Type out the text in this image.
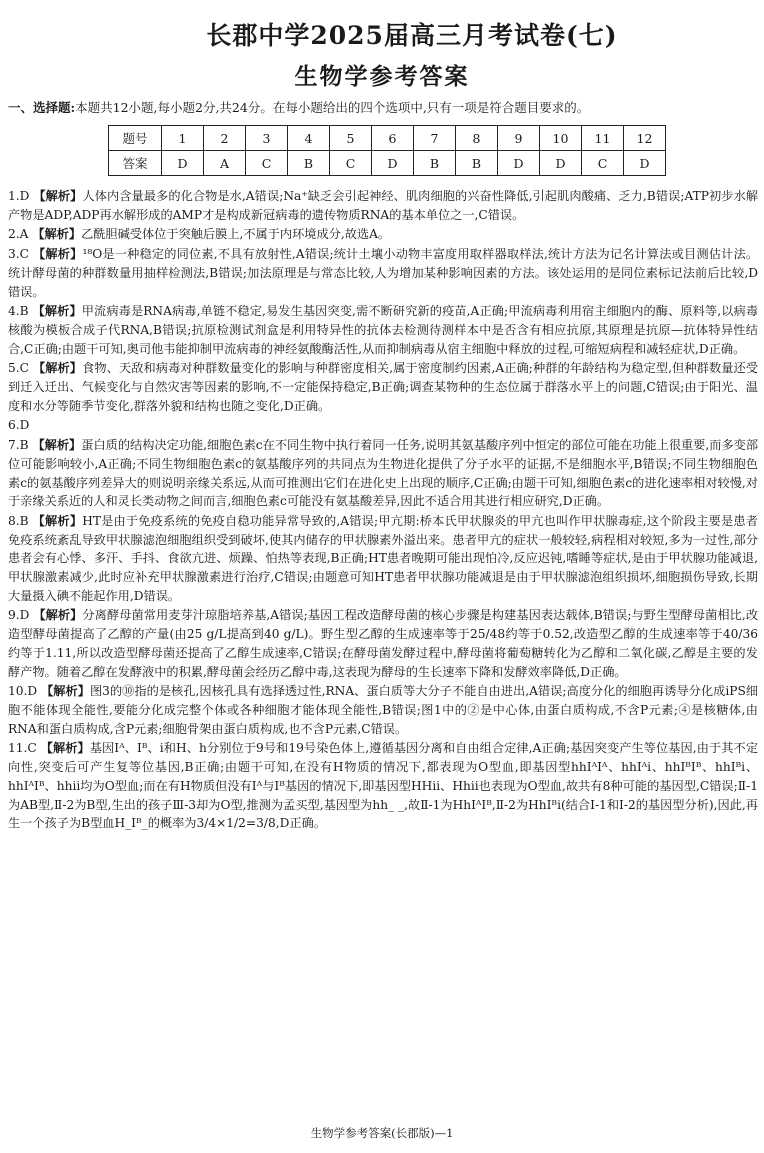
长郡中学2025届高三月考试卷(七)
生物学参考答案
一、选择题:本题共12小题,每小题2分,共24分。在每小题给出的四个选项中,只有一项是符合题目要求的。
题号	1	2	3	4	5	6	7	8	9	10	11	12
答案	D	A	C	B	C	D	B	B	D	D	C	D

1.D 【解析】人体内含量最多的化合物是水,A错误;Na⁺缺乏会引起神经、肌肉细胞的兴奋性降低,引起肌肉酸痛、乏力,B错误;ATP初步水解产物是ADP,ADP再水解形成的AMP才是构成新冠病毒的遗传物质RNA的基本单位之一,C错误。

2.A 【解析】乙酰胆碱受体位于突触后膜上,不属于内环境成分,故选A。

3.C 【解析】¹⁸O是一种稳定的同位素,不具有放射性,A错误;统计土壤小动物丰富度用取样器取样法,统计方法为记名计算法或目测估计法。统计酵母菌的种群数量用抽样检测法,B错误;加法原理是与常态比较,人为增加某种影响因素的方法。该处运用的是同位素标记法前后比较,D错误。

4.B 【解析】甲流病毒是RNA病毒,单链不稳定,易发生基因突变,需不断研究新的疫苗,A正确;甲流病毒利用宿主细胞内的酶、原料等,以病毒核酸为模板合成子代RNA,B错误;抗原检测试剂盒是利用特异性的抗体去检测待测样本中是否含有相应抗原,其原理是抗原—抗体特异性结合,C正确;由题干可知,奥司他韦能抑制甲流病毒的神经氨酸酶活性,从而抑制病毒从宿主细胞中释放的过程,可缩短病程和减轻症状,D正确。

5.C 【解析】食物、天敌和病毒对种群数量变化的影响与种群密度相关,属于密度制约因素,A正确;种群的年龄结构为稳定型,但种群数量还受到迁入迁出、气候变化与自然灾害等因素的影响,不一定能保持稳定,B正确;调查某物种的生态位属于群落水平上的问题,C错误;由于阳光、温度和水分等随季节变化,群落外貌和结构也随之变化,D正确。

6.D

7.B 【解析】蛋白质的结构决定功能,细胞色素c在不同生物中执行着同一任务,说明其氨基酸序列中恒定的部位可能在功能上很重要,而多变部位可能影响较小,A正确;不同生物细胞色素c的氨基酸序列的共同点为生物进化提供了分子水平的证据,不是细胞水平,B错误;不同生物细胞色素c的氨基酸序列差异大的则说明亲缘关系远,从而可推测出它们在进化史上出现的顺序,C正确;由题干可知,细胞色素c的进化速率相对较慢,对于亲缘关系近的人和灵长类动物之间而言,细胞色素c可能没有氨基酸差异,因此不适合用其进行相应研究,D正确。

8.B 【解析】HT是由于免疫系统的免疫自稳功能异常导致的,A错误;甲亢期:桥本氏甲状腺炎的甲亢也叫作甲状腺毒症,这个阶段主要是患者免疫系统紊乱导致甲状腺滤泡细胞组织受到破坏,使其内储存的甲状腺素外溢出来。患者甲亢的症状一般较轻,病程相对较短,多为一过性,部分患者会有心悸、多汗、手抖、食欲亢进、烦躁、怕热等表现,B正确;HT患者晚期可能出现怕冷,反应迟钝,嗜睡等症状,是由于甲状腺功能减退,甲状腺激素减少,此时应补充甲状腺激素进行治疗,C错误;由题意可知HT患者甲状腺功能减退是由于甲状腺滤泡组织损坏,细胞损伤导致,长期大量摄入碘不能起作用,D错误。

9.D 【解析】分离酵母菌常用麦芽汁琼脂培养基,A错误;基因工程改造酵母菌的核心步骤是构建基因表达载体,B错误;与野生型酵母菌相比,改造型酵母菌提高了乙醇的产量(由25 g/L提高到40 g/L)。野生型乙醇的生成速率等于25/48约等于0.52,改造型乙醇的生成速率等于40/36约等于1.11,所以改造型酵母菌还提高了乙醇生成速率,C错误;在酵母菌发酵过程中,酵母菌将葡萄糖转化为乙醇和二氧化碳,乙醇是主要的发酵产物。随着乙醇在发酵液中的积累,酵母菌会经历乙醇中毒,这表现为酵母的生长速率下降和发酵效率降低,D正确。

10.D 【解析】图3的⑩指的是核孔,因核孔具有选择透过性,RNA、蛋白质等大分子不能自由进出,A错误;高度分化的细胞再诱导分化成iPS细胞不能体现全能性,要能分化成完整个体或各种细胞才能体现全能性,B错误;图1中的②是中心体,由蛋白质构成,不含P元素;④是核糖体,由RNA和蛋白质构成,含P元素;细胞骨架由蛋白质构成,也不含P元素,C错误。

11.C 【解析】基因Iᴬ、Iᴮ、i和H、h分别位于9号和19号染色体上,遵循基因分离和自由组合定律,A正确;基因突变产生等位基因,由于其不定向性,突变后可产生复等位基因,B正确;由题干可知,在没有H物质的情况下,都表现为O型血,即基因型hhIᴬIᴬ、hhIᴬi、hhIᴮIᴮ、hhIᴮi、hhIᴬIᴮ、hhii均为O型血;而在有H物质但没有Iᴬ与Iᴮ基因的情况下,即基因型HHii、Hhii也表现为O型血,故共有8种可能的基因型,C错误;Ⅱ-1为AB型,Ⅱ-2为B型,生出的孩子Ⅲ-3却为O型,推测为孟买型,基因型为hh_ _,故Ⅱ-1为HhIᴬIᴮ,Ⅱ-2为HhIᴮi(结合Ⅰ-1和Ⅰ-2的基因型分析),因此,再生一个孩子为B型血H_Iᴮ_的概率为3/4×1/2=3/8,D正确。

生物学参考答案(长郡版)—1
